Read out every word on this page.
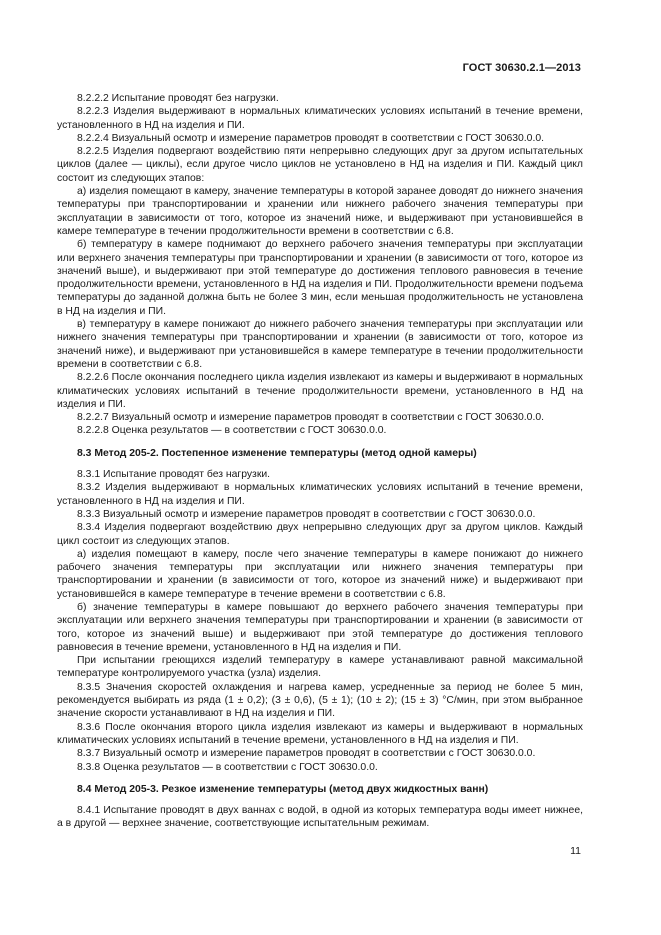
ГОСТ 30630.2.1—2013

8.2.2.2 Испытание проводят без нагрузки.

8.2.2.3 Изделия выдерживают в нормальных климатических условиях испытаний в течение времени, установленного в НД на изделия и ПИ.

8.2.2.4 Визуальный осмотр и измерение параметров проводят в соответствии с ГОСТ 30630.0.0.

8.2.2.5 Изделия подвергают воздействию пяти непрерывно следующих друг за другом испытательных циклов (далее — циклы), если другое число циклов не установлено в НД на изделия и ПИ. Каждый цикл состоит из следующих этапов:

а) изделия помещают в камеру, значение температуры в которой заранее доводят до нижнего значения температуры при транспортировании и хранении или нижнего рабочего значения температуры при эксплуатации в зависимости от того, которое из значений ниже, и выдерживают при установившейся в камере температуре в течении продолжительности времени в соответствии с 6.8.

б) температуру в камере поднимают до верхнего рабочего значения температуры при эксплуатации или верхнего значения температуры при транспортировании и хранении (в зависимости от того, которое из значений выше), и выдерживают при этой температуре до достижения теплового равновесия в течение продолжительности времени, установленного в НД на изделия и ПИ. Продолжительности времени подъема температуры до заданной должна быть не более 3 мин, если меньшая продолжительность не установлена в НД на изделия и ПИ.

в) температуру в камере понижают до нижнего рабочего значения температуры при эксплуатации или нижнего значения температуры при транспортировании и хранении (в зависимости от того, которое из значений ниже), и выдерживают при установившейся в камере температуре в течении продолжительности времени в соответствии с 6.8.

8.2.2.6 После окончания последнего цикла изделия извлекают из камеры и выдерживают в нормальных климатических условиях испытаний в течение продолжительности времени, установленного в НД на изделия и ПИ.

8.2.2.7 Визуальный осмотр и измерение параметров проводят в соответствии с ГОСТ 30630.0.0.

8.2.2.8 Оценка результатов — в соответствии с ГОСТ 30630.0.0.

8.3 Метод 205-2. Постепенное изменение температуры (метод одной камеры)

8.3.1 Испытание проводят без нагрузки.

8.3.2 Изделия выдерживают в нормальных климатических условиях испытаний в течение времени, установленного в НД на изделия и ПИ.

8.3.3 Визуальный осмотр и измерение параметров проводят в соответствии с ГОСТ 30630.0.0.

8.3.4 Изделия подвергают воздействию двух непрерывно следующих друг за другом циклов. Каждый цикл состоит из следующих этапов.

а) изделия помещают в камеру, после чего значение температуры в камере понижают до нижнего рабочего значения температуры при эксплуатации или нижнего значения температуры при транспортировании и хранении (в зависимости от того, которое из значений ниже) и выдерживают при установившейся в камере температуре в течение времени в соответствии с 6.8.

б) значение температуры в камере повышают до верхнего рабочего значения температуры при эксплуатации или верхнего значения температуры при транспортировании и хранении (в зависимости от того, которое из значений выше) и выдерживают при этой температуре до достижения теплового равновесия в течение времени, установленного в НД на изделия и ПИ.

При испытании греющихся изделий температуру в камере устанавливают равной максимальной температуре контролируемого участка (узла) изделия.

8.3.5 Значения скоростей охлаждения и нагрева камер, усредненные за период не более 5 мин, рекомендуется выбирать из ряда (1 ± 0,2); (3 ± 0,6), (5 ± 1); (10 ± 2); (15 ± 3) °С/мин, при этом выбранное значение скорости устанавливают в НД на изделия и ПИ.

8.3.6 После окончания второго цикла изделия извлекают из камеры и выдерживают в нормальных климатических условиях испытаний в течение времени, установленного в НД на изделия и ПИ.

8.3.7 Визуальный осмотр и измерение параметров проводят в соответствии с ГОСТ 30630.0.0.

8.3.8 Оценка результатов — в соответствии с ГОСТ 30630.0.0.

8.4 Метод 205-3. Резкое изменение температуры (метод двух жидкостных ванн)

8.4.1 Испытание проводят в двух ваннах с водой, в одной из которых температура воды имеет нижнее, а в другой — верхнее значение, соответствующие испытательным режимам.

11
